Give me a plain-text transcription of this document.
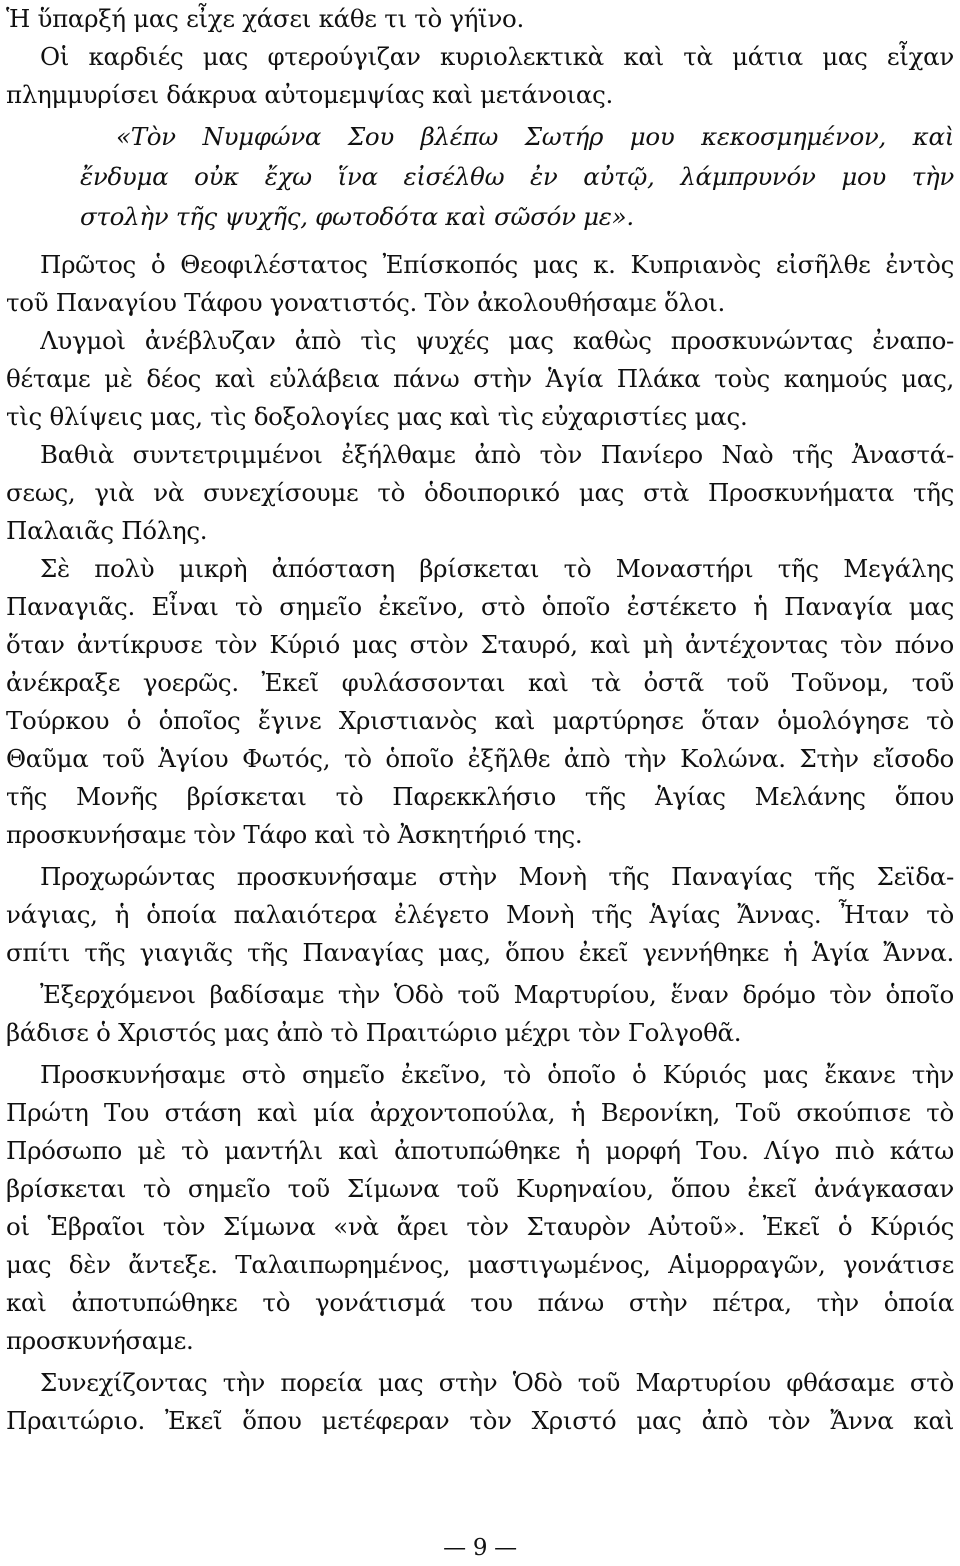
Ἡ ὕπαρξή μας εἶχε χάσει κάθε τι τὸ γήϊνο.
Οἱ καρδιές μας φτερούγιζαν κυριολεκτικὰ καὶ τὰ μάτια μας εἶχαν
πλημμυρίσει δάκρυα αὐτομεμψίας καὶ μετάνοιας.
«Τὸν Νυμφώνα Σου βλέπω Σωτήρ μου κεκοσμημένον, καὶ
ἔνδυμα οὐκ ἔχω ἵνα εἰσέλθω ἐν αὐτῷ, λάμπρυνόν μου τὴν
στολὴν τῆς ψυχῆς, φωτοδότα καὶ σῶσόν με».
Πρῶτος ὁ Θεοφιλέστατος Ἐπίσκοπός μας κ. Κυπριανὸς εἰσῆλθε ἐντὸς
τοῦ Παναγίου Τάφου γονατιστός. Τὸν ἀκολουθήσαμε ὅλοι.
Λυγμοὶ ἀνέβλυζαν ἀπὸ τὶς ψυχές μας καθὼς προσκυνώντας ἐναπο-
θέταμε μὲ δέος καὶ εὐλάβεια πάνω στὴν Ἁγία Πλάκα τοὺς καημούς μας,
τὶς θλίψεις μας, τὶς δοξολογίες μας καὶ τὶς εὐχαριστίες μας.
Βαθιὰ συντετριμμένοι ἐξήλθαμε ἀπὸ τὸν Πανίερο Ναὸ τῆς Ἀναστά-
σεως, γιὰ νὰ συνεχίσουμε τὸ ὁδοιπορικό μας στὰ Προσκυνήματα τῆς
Παλαιᾶς Πόλης.
Σὲ πολὺ μικρὴ ἀπόσταση βρίσκεται τὸ Μοναστήρι τῆς Μεγάλης
Παναγιᾶς. Εἶναι τὸ σημεῖο ἐκεῖνο, στὸ ὁποῖο ἐστέκετο ἡ Παναγία μας
ὅταν ἀντίκρυσε τὸν Κύριό μας στὸν Σταυρό, καὶ μὴ ἀντέχοντας τὸν πόνο
ἀνέκραξε γοερῶς. Ἐκεῖ φυλάσσονται καὶ τὰ ὀστᾶ τοῦ Τοῦνομ, τοῦ
Τούρκου ὁ ὁποῖος ἔγινε Χριστιανὸς καὶ μαρτύρησε ὅταν ὁμολόγησε τὸ
Θαῦμα τοῦ Ἁγίου Φωτός, τὸ ὁποῖο ἐξῆλθε ἀπὸ τὴν Κολώνα. Στὴν εἴσοδο
τῆς Μονῆς βρίσκεται τὸ Παρεκκλήσιο τῆς Ἁγίας Μελάνης ὅπου
προσκυνήσαμε τὸν Τάφο καὶ τὸ Ἀσκητήριό της.
Προχωρώντας προσκυνήσαμε στὴν Μονὴ τῆς Παναγίας τῆς Σεϊδα-
νάγιας, ἡ ὁποία παλαιότερα ἐλέγετο Μονὴ τῆς Ἁγίας Ἄννας. Ἦταν τὸ
σπίτι τῆς γιαγιᾶς τῆς Παναγίας μας, ὅπου ἐκεῖ γεννήθηκε ἡ Ἁγία Ἄννα.
Ἐξερχόμενοι βαδίσαμε τὴν Ὁδὸ τοῦ Μαρτυρίου, ἕναν δρόμο τὸν ὁποῖο
βάδισε ὁ Χριστός μας ἀπὸ τὸ Πραιτώριο μέχρι τὸν Γολγοθᾶ.
Προσκυνήσαμε στὸ σημεῖο ἐκεῖνο, τὸ ὁποῖο ὁ Κύριός μας ἔκανε τὴν
Πρώτη Του στάση καὶ μία ἀρχοντοπούλα, ἡ Βερονίκη, Τοῦ σκούπισε τὸ
Πρόσωπο μὲ τὸ μαντήλι καὶ ἀποτυπώθηκε ἡ μορφή Του. Λίγο πιὸ κάτω
βρίσκεται τὸ σημεῖο τοῦ Σίμωνα τοῦ Κυρηναίου, ὅπου ἐκεῖ ἀνάγκασαν
οἱ Ἑβραῖοι τὸν Σίμωνα «νὰ ἄρει τὸν Σταυρὸν Αὐτοῦ». Ἐκεῖ ὁ Κύριός
μας δὲν ἄντεξε. Ταλαιπωρημένος, μαστιγωμένος, Αἱμορραγῶν, γονάτισε
καὶ ἀποτυπώθηκε τὸ γονάτισμά του πάνω στὴν πέτρα, τὴν ὁποία
προσκυνήσαμε.
Συνεχίζοντας τὴν πορεία μας στὴν Ὁδὸ τοῦ Μαρτυρίου φθάσαμε στὸ
Πραιτώριο. Ἐκεῖ ὅπου μετέφεραν τὸν Χριστό μας ἀπὸ τὸν Ἄννα καὶ
— 9 —
